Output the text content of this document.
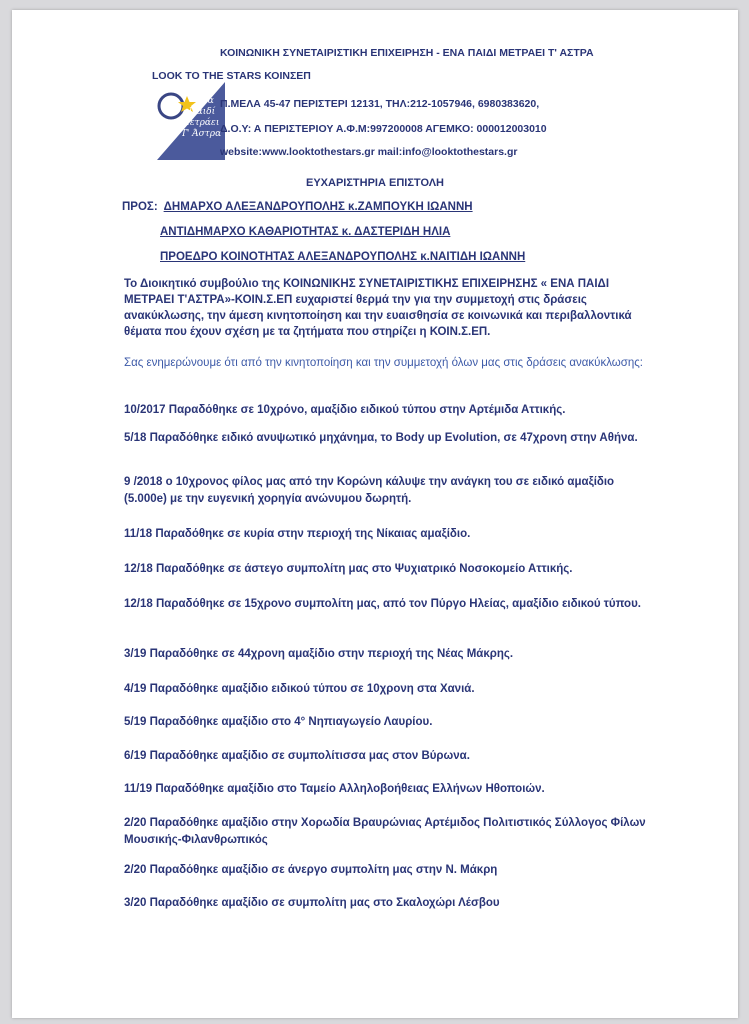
Ένα
Παιδί
Μετράει
Τ' Άστρα
ΚΟΙΝΩΝΙΚΗ ΣΥΝΕΤΑΙΡΙΣΤΙΚΗ ΕΠΙΧΕΙΡΗΣΗ - ΕΝΑ ΠΑΙΔΙ ΜΕΤΡΑΕΙ Τ' ΑΣΤΡΑ
LOOK TO THE STARS ΚΟΙΝΣΕΠ
Π.ΜΕΛΑ 45-47 ΠΕΡΙΣΤΕΡΙ 12131, ΤΗΛ:212-1057946, 6980383620,
Δ.Ο.Υ: Α ΠΕΡΙΣΤΕΡΙΟΥ Α.Φ.Μ:997200008 ΑΓΕΜΚΟ: 000012003010
website:www.looktothestars.gr mail:info@looktothestars.gr
ΕΥΧΑΡΙΣΤΗΡΙΑ ΕΠΙΣΤΟΛΗ
ΠΡΟΣ: ΔΗΜΑΡΧΟ ΑΛΕΞΑΝΔΡΟΥΠΟΛΗΣ κ.ΖΑΜΠΟΥΚΗ ΙΩΑΝΝΗ
ΑΝΤΙΔΗΜΑΡΧΟ ΚΑΘΑΡΙΟΤΗΤΑΣ κ. ΔΑΣΤΕΡΙΔΗ ΗΛΙΑ
ΠΡΟΕΔΡΟ ΚΟΙΝΟΤΗΤΑΣ ΑΛΕΞΑΝΔΡΟΥΠΟΛΗΣ κ.ΝΑΙΤΙΔΗ ΙΩΑΝΝΗ
Το Διοικητικό συμβούλιο της ΚΟΙΝΩΝΙΚΗΣ ΣΥΝΕΤΑΙΡΙΣΤΙΚΗΣ ΕΠΙΧΕΙΡΗΣΗΣ « ΕΝΑ ΠΑΙΔΙ ΜΕΤΡΑΕΙ Τ'ΑΣΤΡΑ»-ΚΟΙΝ.Σ.ΕΠ ευχαριστεί θερμά την για την συμμετοχή στις δράσεις ανακύκλωσης, την άμεση κινητοποίηση και την ευαισθησία σε κοινωνικά και περιβαλλοντικά θέματα που έχουν σχέση με τα ζητήματα που στηρίζει η ΚΟΙΝ.Σ.ΕΠ.
Σας ενημερώνουμε ότι από την κινητοποίηση και την συμμετοχή όλων μας στις δράσεις ανακύκλωσης:
10/2017 Παραδόθηκε σε 10χρόνο, αμαξίδιο ειδικού τύπου στην Αρτέμιδα Αττικής.
5/18 Παραδόθηκε ειδικό ανυψωτικό μηχάνημα, το Body up Evolution, σε 47χρονη στην Αθήνα.
9 /2018 ο 10χρονος φίλος μας από την Κορώνη κάλυψε την ανάγκη του σε ειδικό αμαξίδιο (5.000e) με την ευγενική χορηγία ανώνυμου δωρητή.
11/18 Παραδόθηκε σε κυρία στην περιοχή της Νίκαιας αμαξίδιο.
12/18 Παραδόθηκε σε άστεγο συμπολίτη μας στο Ψυχιατρικό Νοσοκομείο Αττικής.
12/18 Παραδόθηκε σε 15χρονο συμπολίτη μας, από τον Πύργο Ηλείας, αμαξίδιο ειδικού τύπου.
3/19 Παραδόθηκε σε 44χρονη αμαξίδιο στην περιοχή της Νέας Μάκρης.
4/19 Παραδόθηκε αμαξίδιο ειδικού τύπου σε 10χρονη στα Χανιά.
5/19 Παραδόθηκε αμαξίδιο στο 4° Νηπιαγωγείο Λαυρίου.
6/19 Παραδόθηκε αμαξίδιο σε συμπολίτισσα μας στον Βύρωνα.
11/19 Παραδόθηκε αμαξίδιο στο Ταμείο Αλληλοβοήθειας Ελλήνων Ηθοποιών.
2/20 Παραδόθηκε αμαξίδιο στην Χορωδία Βραυρώνιας Αρτέμιδος Πολιτιστικός Σύλλογος Φίλων Μουσικής-Φιλανθρωπικός
2/20 Παραδόθηκε αμαξίδιο σε άνεργο συμπολίτη μας στην Ν. Μάκρη
3/20 Παραδόθηκε αμαξίδιο σε συμπολίτη μας στο Σκαλοχώρι Λέσβου
